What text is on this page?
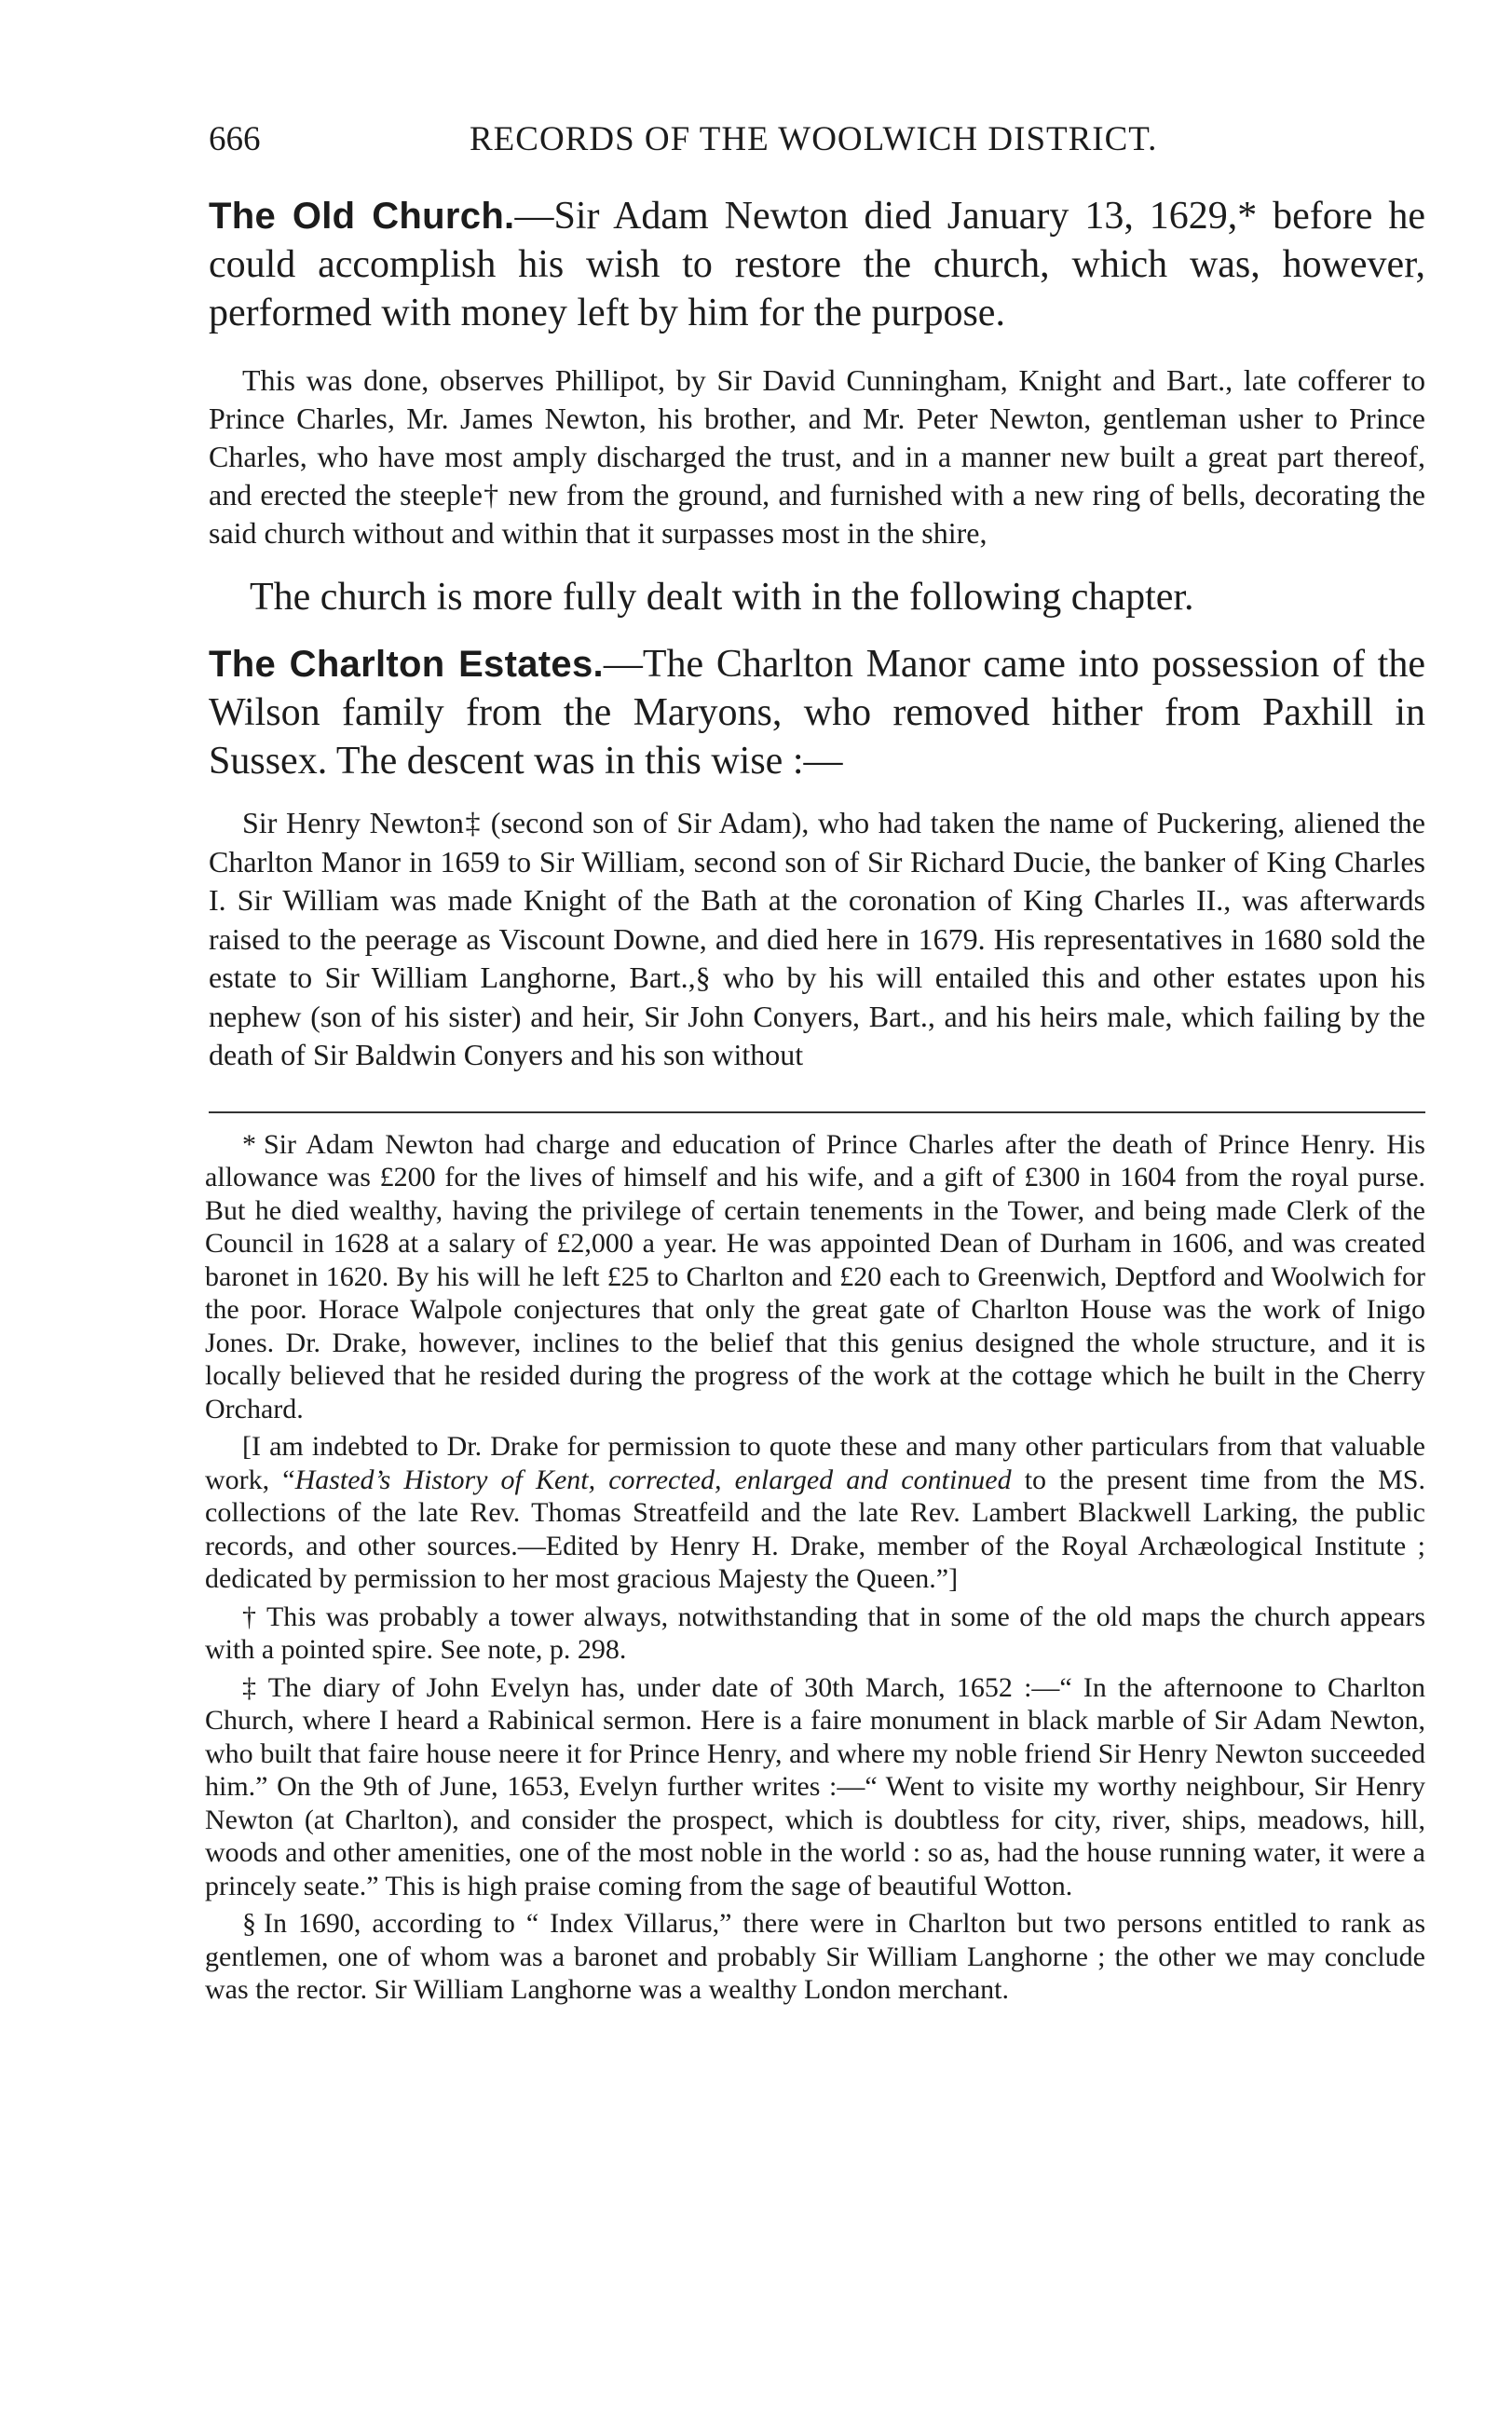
666	RECORDS OF THE WOOLWICH DISTRICT.

The Old Church.—Sir Adam Newton died January 13, 1629,* before he could accomplish his wish to restore the church, which was, however, performed with money left by him for the purpose.

This was done, observes Phillipot, by Sir David Cunningham, Knight and Bart., late cofferer to Prince Charles, Mr. James Newton, his brother, and Mr. Peter Newton, gentleman usher to Prince Charles, who have most amply discharged the trust, and in a manner new built a great part thereof, and erected the steeple† new from the ground, and furnished with a new ring of bells, decorating the said church without and within that it surpasses most in the shire,

The church is more fully dealt with in the following chapter.

The Charlton Estates.—The Charlton Manor came into possession of the Wilson family from the Maryons, who removed hither from Paxhill in Sussex. The descent was in this wise :—

Sir Henry Newton‡ (second son of Sir Adam), who had taken the name of Puckering, aliened the Charlton Manor in 1659 to Sir William, second son of Sir Richard Ducie, the banker of King Charles I. Sir William was made Knight of the Bath at the coronation of King Charles II., was afterwards raised to the peerage as Viscount Downe, and died here in 1679. His representatives in 1680 sold the estate to Sir William Langhorne, Bart.,§ who by his will entailed this and other estates upon his nephew (son of his sister) and heir, Sir John Conyers, Bart., and his heirs male, which failing by the death of Sir Baldwin Conyers and his son without

* Sir Adam Newton had charge and education of Prince Charles after the death of Prince Henry. His allowance was £200 for the lives of himself and his wife, and a gift of £300 in 1604 from the royal purse. But he died wealthy, having the privilege of certain tenements in the Tower, and being made Clerk of the Council in 1628 at a salary of £2,000 a year. He was appointed Dean of Durham in 1606, and was created baronet in 1620. By his will he left £25 to Charlton and £20 each to Greenwich, Deptford and Woolwich for the poor. Horace Walpole conjectures that only the great gate of Charlton House was the work of Inigo Jones. Dr. Drake, however, inclines to the belief that this genius designed the whole structure, and it is locally believed that he resided during the progress of the work at the cottage which he built in the Cherry Orchard.

[I am indebted to Dr. Drake for permission to quote these and many other particulars from that valuable work, “Hasted’s History of Kent, corrected, enlarged and continued to the present time from the MS. collections of the late Rev. Thomas Streatfeild and the late Rev. Lambert Blackwell Larking, the public records, and other sources.—Edited by Henry H. Drake, member of the Royal Archæological Institute ; dedicated by permission to her most gracious Majesty the Queen.”]

† This was probably a tower always, notwithstanding that in some of the old maps the church appears with a pointed spire. See note, p. 298.

‡ The diary of John Evelyn has, under date of 30th March, 1652 :—“ In the afternoone to Charlton Church, where I heard a Rabinical sermon. Here is a faire monument in black marble of Sir Adam Newton, who built that faire house neere it for Prince Henry, and where my noble friend Sir Henry Newton succeeded him.” On the 9th of June, 1653, Evelyn further writes :—“ Went to visite my worthy neighbour, Sir Henry Newton (at Charlton), and consider the prospect, which is doubtless for city, river, ships, meadows, hill, woods and other amenities, one of the most noble in the world : so as, had the house running water, it were a princely seate.” This is high praise coming from the sage of beautiful Wotton.

§ In 1690, according to “ Index Villarus,” there were in Charlton but two persons entitled to rank as gentlemen, one of whom was a baronet and probably Sir William Langhorne ; the other we may conclude was the rector. Sir William Langhorne was a wealthy London merchant.
